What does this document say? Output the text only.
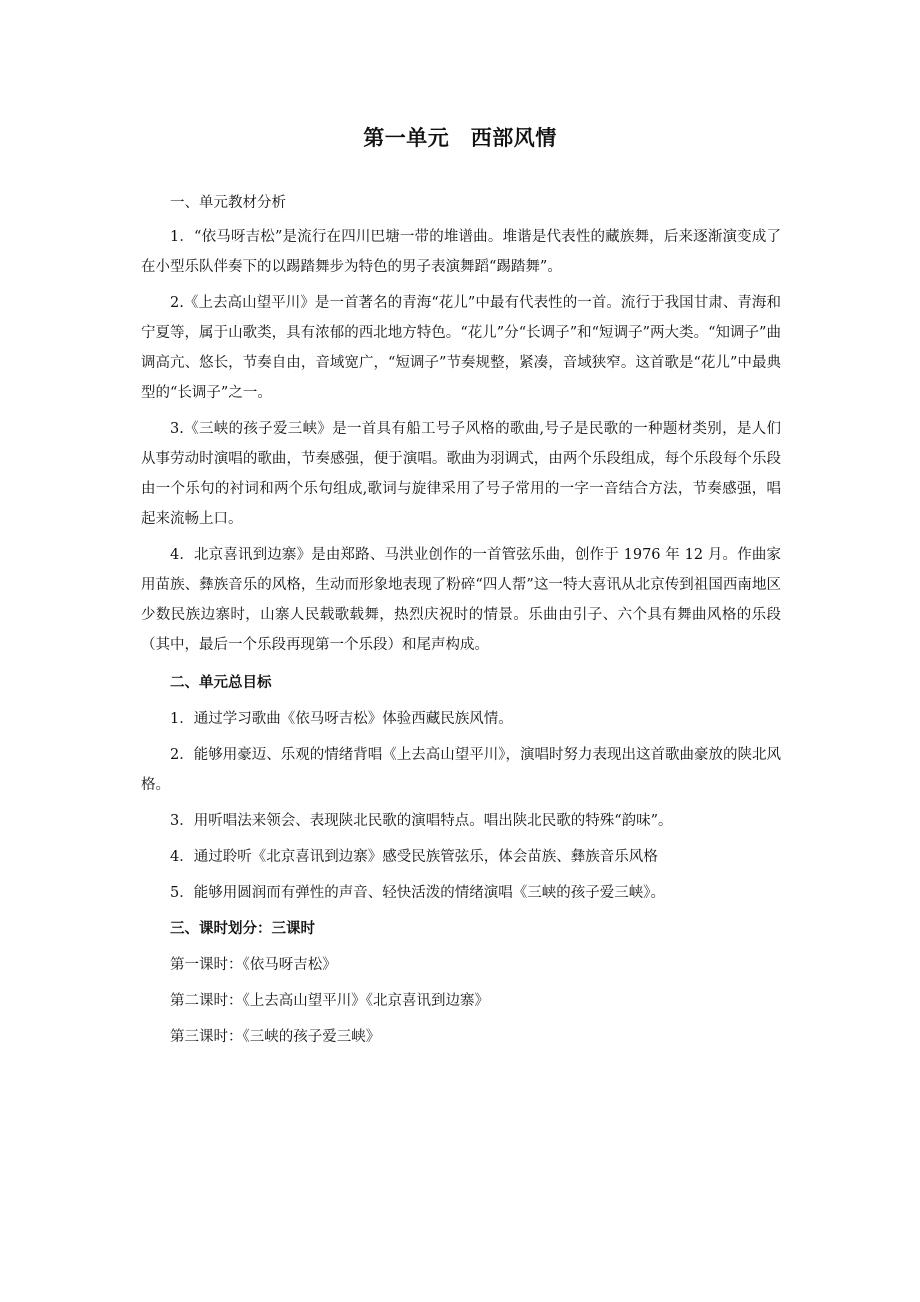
第一单元　西部风情

一、单元教材分析

1．“依马呀吉松”是流行在四川巴塘一带的堆谱曲。堆谐是代表性的藏族舞，后来逐渐演变成了在小型乐队伴奏下的以踢踏舞步为特色的男子表演舞蹈“踢踏舞”。

2.《上去高山望平川》是一首著名的青海“花儿”中最有代表性的一首。流行于我国甘肃、青海和宁夏等，属于山歌类，具有浓郁的西北地方特色。“花儿”分“长调子”和“短调子”两大类。“知调子”曲调高亢、悠长，节奏自由，音域宽广，“短调子”节奏规整，紧凑，音域狭窄。这首歌是“花儿”中最典型的“长调子”之一。

3.《三峡的孩子爱三峡》是一首具有船工号子风格的歌曲,号子是民歌的一种题材类别，是人们从事劳动时演唱的歌曲，节奏感强，便于演唱。歌曲为羽调式，由两个乐段组成，每个乐段每个乐段由一个乐句的衬词和两个乐句组成,歌词与旋律采用了号子常用的一字一音结合方法，节奏感强，唱起来流畅上口。

4．北京喜讯到边寨》是由郑路、马洪业创作的一首管弦乐曲，创作于 1976 年 12 月。作曲家用苗族、彝族音乐的风格，生动而形象地表现了粉碎“四人帮”这一特大喜讯从北京传到祖国西南地区少数民族边寨时，山寨人民载歌载舞，热烈庆祝时的情景。乐曲由引子、六个具有舞曲风格的乐段（其中，最后一个乐段再现第一个乐段）和尾声构成。

二、单元总目标

1．通过学习歌曲《依马呀吉松》体验西藏民族风情。

2．能够用豪迈、乐观的情绪背唱《上去高山望平川》，演唱时努力表现出这首歌曲豪放的陕北风格。

3．用听唱法来领会、表现陕北民歌的演唱特点。唱出陕北民歌的特殊“韵味”。

4．通过聆听《北京喜讯到边寨》感受民族管弦乐，体会苗族、彝族音乐风格

5．能够用圆润而有弹性的声音、轻快活泼的情绪演唱《三峡的孩子爱三峡》。

三、课时划分：三课时

第一课时：《依马呀吉松》

第二课时：《上去高山望平川》《北京喜讯到边寨》

第三课时：《三峡的孩子爱三峡》
